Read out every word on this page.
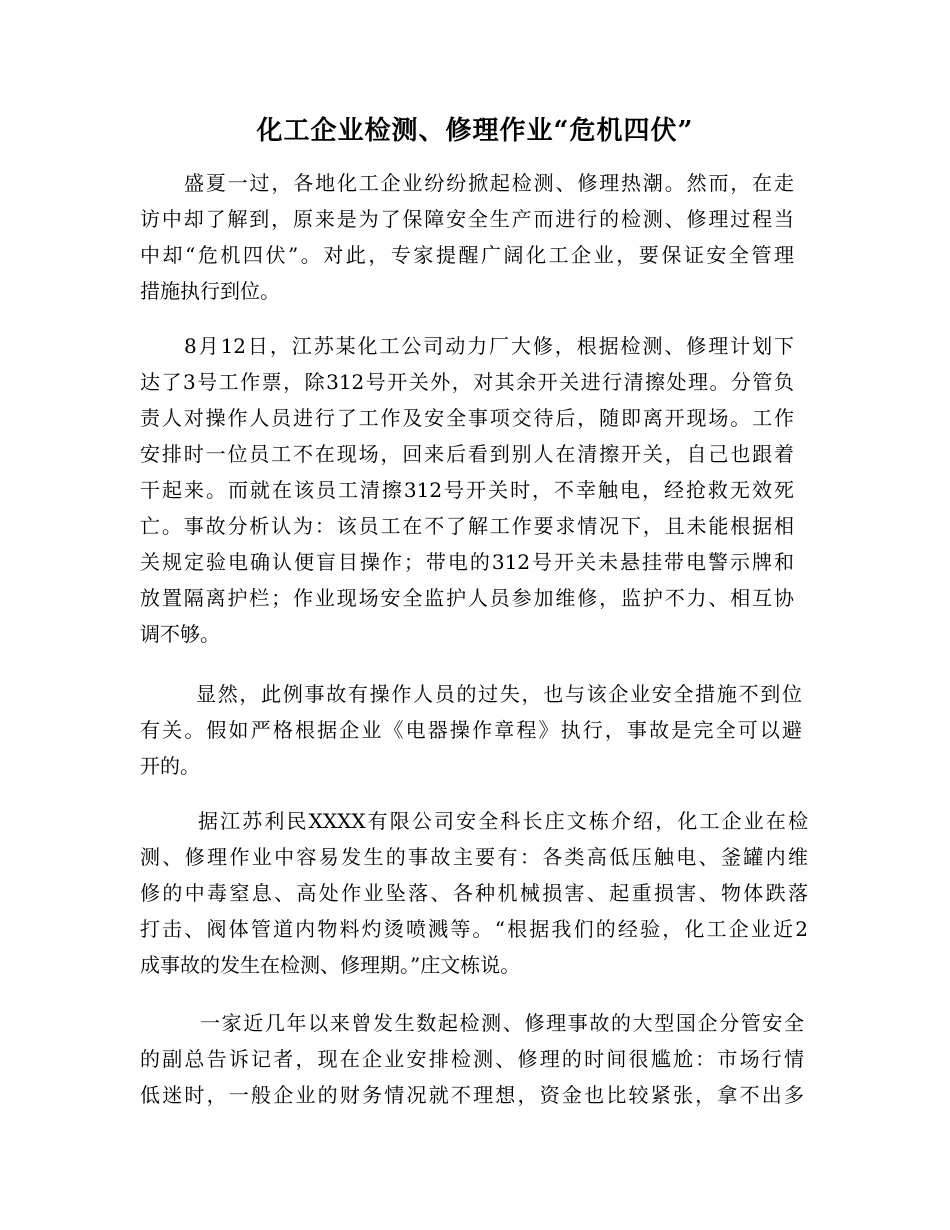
化工企业检测、修理作业“危机四伏”
盛夏一过，各地化工企业纷纷掀起检测、修理热潮。然而，在走
访中却了解到，原来是为了保障安全生产而进行的检测、修理过程当
中却“危机四伏”。对此，专家提醒广阔化工企业，要保证安全管理
措施执行到位。
8月12日，江苏某化工公司动力厂大修，根据检测、修理计划下
达了3号工作票，除312号开关外，对其余开关进行清擦处理。分管负
责人对操作人员进行了工作及安全事项交待后，随即离开现场。工作
安排时一位员工不在现场，回来后看到别人在清擦开关，自己也跟着
干起来。而就在该员工清擦312号开关时，不幸触电，经抢救无效死
亡。事故分析认为：该员工在不了解工作要求情况下，且未能根据相
关规定验电确认便盲目操作；带电的312号开关未悬挂带电警示牌和
放置隔离护栏；作业现场安全监护人员参加维修，监护不力、相互协
调不够。
显然，此例事故有操作人员的过失，也与该企业安全措施不到位
有关。假如严格根据企业《电器操作章程》执行，事故是完全可以避
开的。
据江苏利民XXXX有限公司安全科长庄文栋介绍，化工企业在检
测、修理作业中容易发生的事故主要有：各类高低压触电、釜罐内维
修的中毒窒息、高处作业坠落、各种机械损害、起重损害、物体跌落
打击、阀体管道内物料灼烫喷溅等。“根据我们的经验，化工企业近2
成事故的发生在检测、修理期。”庄文栋说。
一家近几年以来曾发生数起检测、修理事故的大型国企分管安全
的副总告诉记者，现在企业安排检测、修理的时间很尴尬：市场行情
低迷时，一般企业的财务情况就不理想，资金也比较紧张，拿不出多
